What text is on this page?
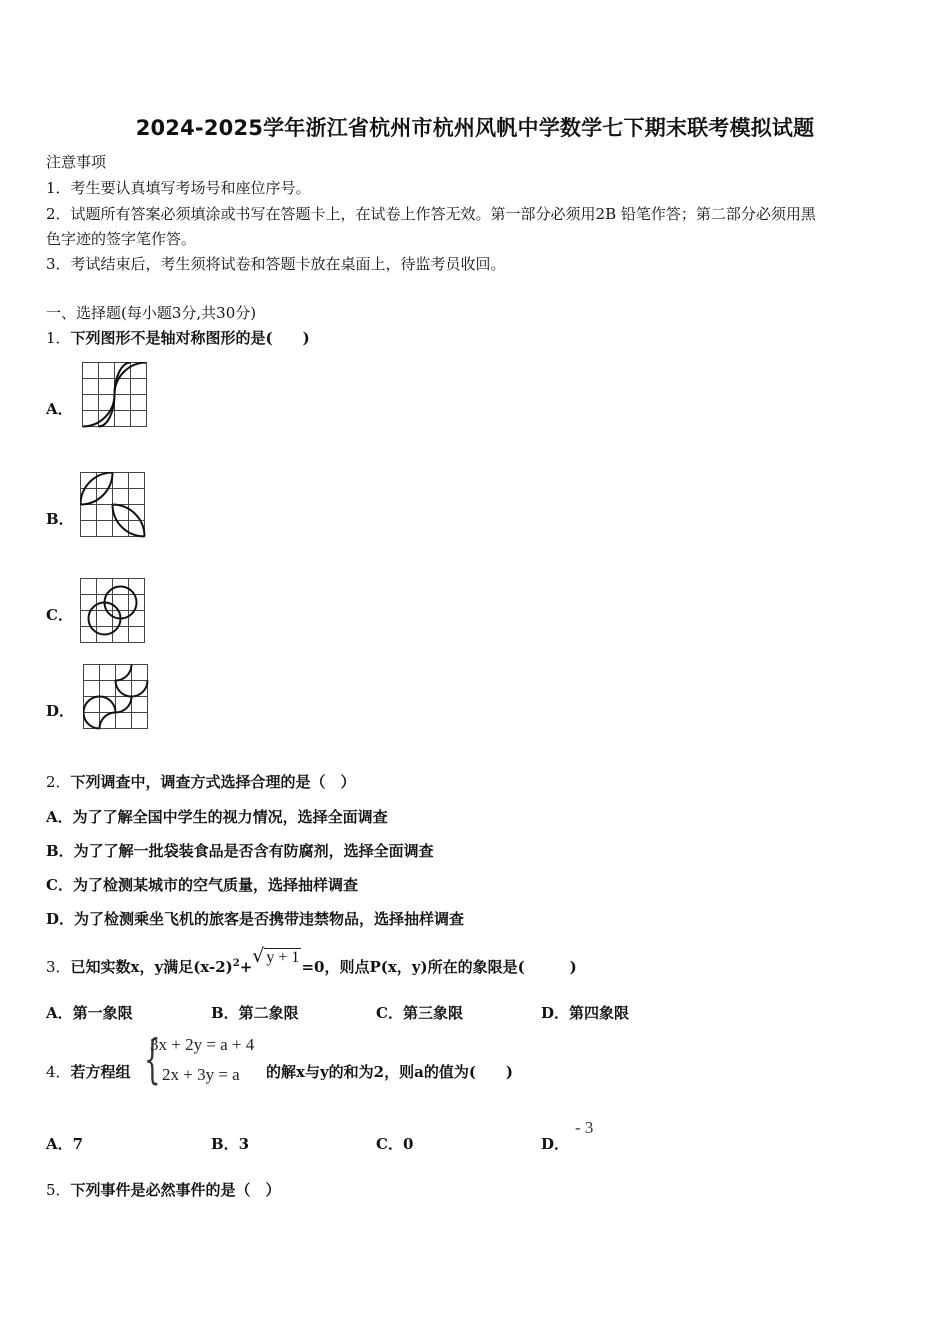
2024-2025学年浙江省杭州市杭州风帆中学数学七下期末联考模拟试题
注意事项
1．考生要认真填写考场号和座位序号。
2．试题所有答案必须填涂或书写在答题卡上，在试卷上作答无效。第一部分必须用2B 铅笔作答；第二部分必须用黑
色字迹的签字笔作答。
3．考试结束后，考生须将试卷和答题卡放在桌面上，待监考员收回。
一、选择题(每小题3分,共30分)
1．下列图形不是轴对称图形的是(　　)
A．
B．
C．
D．
2．下列调查中，调查方式选择合理的是（　）
A．为了了解全国中学生的视力情况，选择全面调查
B．为了了解一批袋装食品是否含有防腐剂，选择全面调查
C．为了检测某城市的空气质量，选择抽样调查
D．为了检测乘坐飞机的旅客是否携带违禁物品，选择抽样调查
3．已知实数x，y满足$(x-2)^2+√$ y + 1=0，则点P(x，y)所在的象限是(　　　)
A．第一象限	B．第二象限	C．第三象限	D．第四象限
4．若方程组 {
3x + 2y = a + 4
2x + 3y = a 的解x与y的和为2，则a的值为(　　)
A．7	B．3	C．0	D．
- 3
5．下列事件是必然事件的是（　）
